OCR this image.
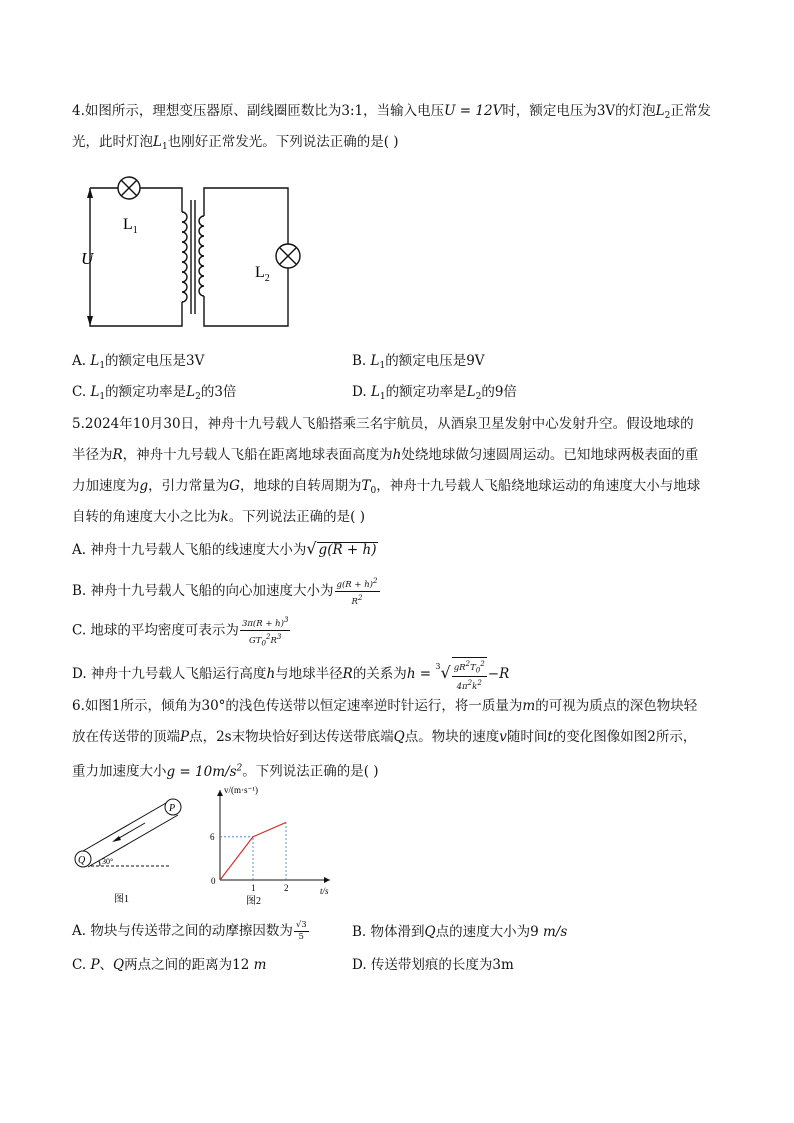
4.如图所示，理想变压器原、副线圈匝数比为3:1，当输入电压U = 12V时，额定电压为3V的灯泡$L_2$正常发
光，此时灯泡$L_1$也刚好正常发光。下列说法正确的是( )
U
$L_1$
$L_2$
A. $L_1$的额定电压是3V	B. $L_1$的额定电压是9V
C. $L_1$的额定功率是$L_2$的3倍	D. $L_1$的额定功率是$L_2$的9倍
5.2024年10月30日，神舟十九号载人飞船搭乘三名宇航员，从酒泉卫星发射中心发射升空。假设地球的
半径为R，神舟十九号载人飞船在距离地球表面高度为h处绕地球做匀速圆周运动。已知地球两极表面的重
力加速度为g，引力常量为G，地球的自转周期为$T_0$，神舟十九号载人飞船绕地球运动的角速度大小与地球
自转的角速度大小之比为k。下列说法正确的是( )
A. 神舟十九号载人飞船的线速度大小为√ g(R + h)
B. 神舟十九号载人飞船的向心加速度大小为 $\frac{g(R + h)^2}{R^2}$
C. 地球的平均密度可表示为 $\frac{3\pi(R + h)^3}{GT_0^2R^3}$
D. 神舟十九号载人飞船运行高度h与地球半径R的关系为$h = ^3√ \frac{gR^2T_0^2}{4\pi^2k^2} -R$
6.如图1所示，倾角为30°的浅色传送带以恒定速率逆时针运行，将一质量为m的可视为质点的深色物块轻
放在传送带的顶端P点，2s末物块恰好到达传送带底端Q点。物块的速度v随时间t的变化图像如图2所示，
重力加速度大小$g = 10m/s^2$。下列说法正确的是( )
Q
P
30°
图1
v/(m·s⁻¹)
t/s
6
0
1	2
图2
A. 物块与传送带之间的动摩擦因数为 $\frac{√3}{5}$	B. 物体滑到Q点的速度大小为9 m/s
C. P、Q两点之间的距离为12 m	D. 传送带划痕的长度为3m
